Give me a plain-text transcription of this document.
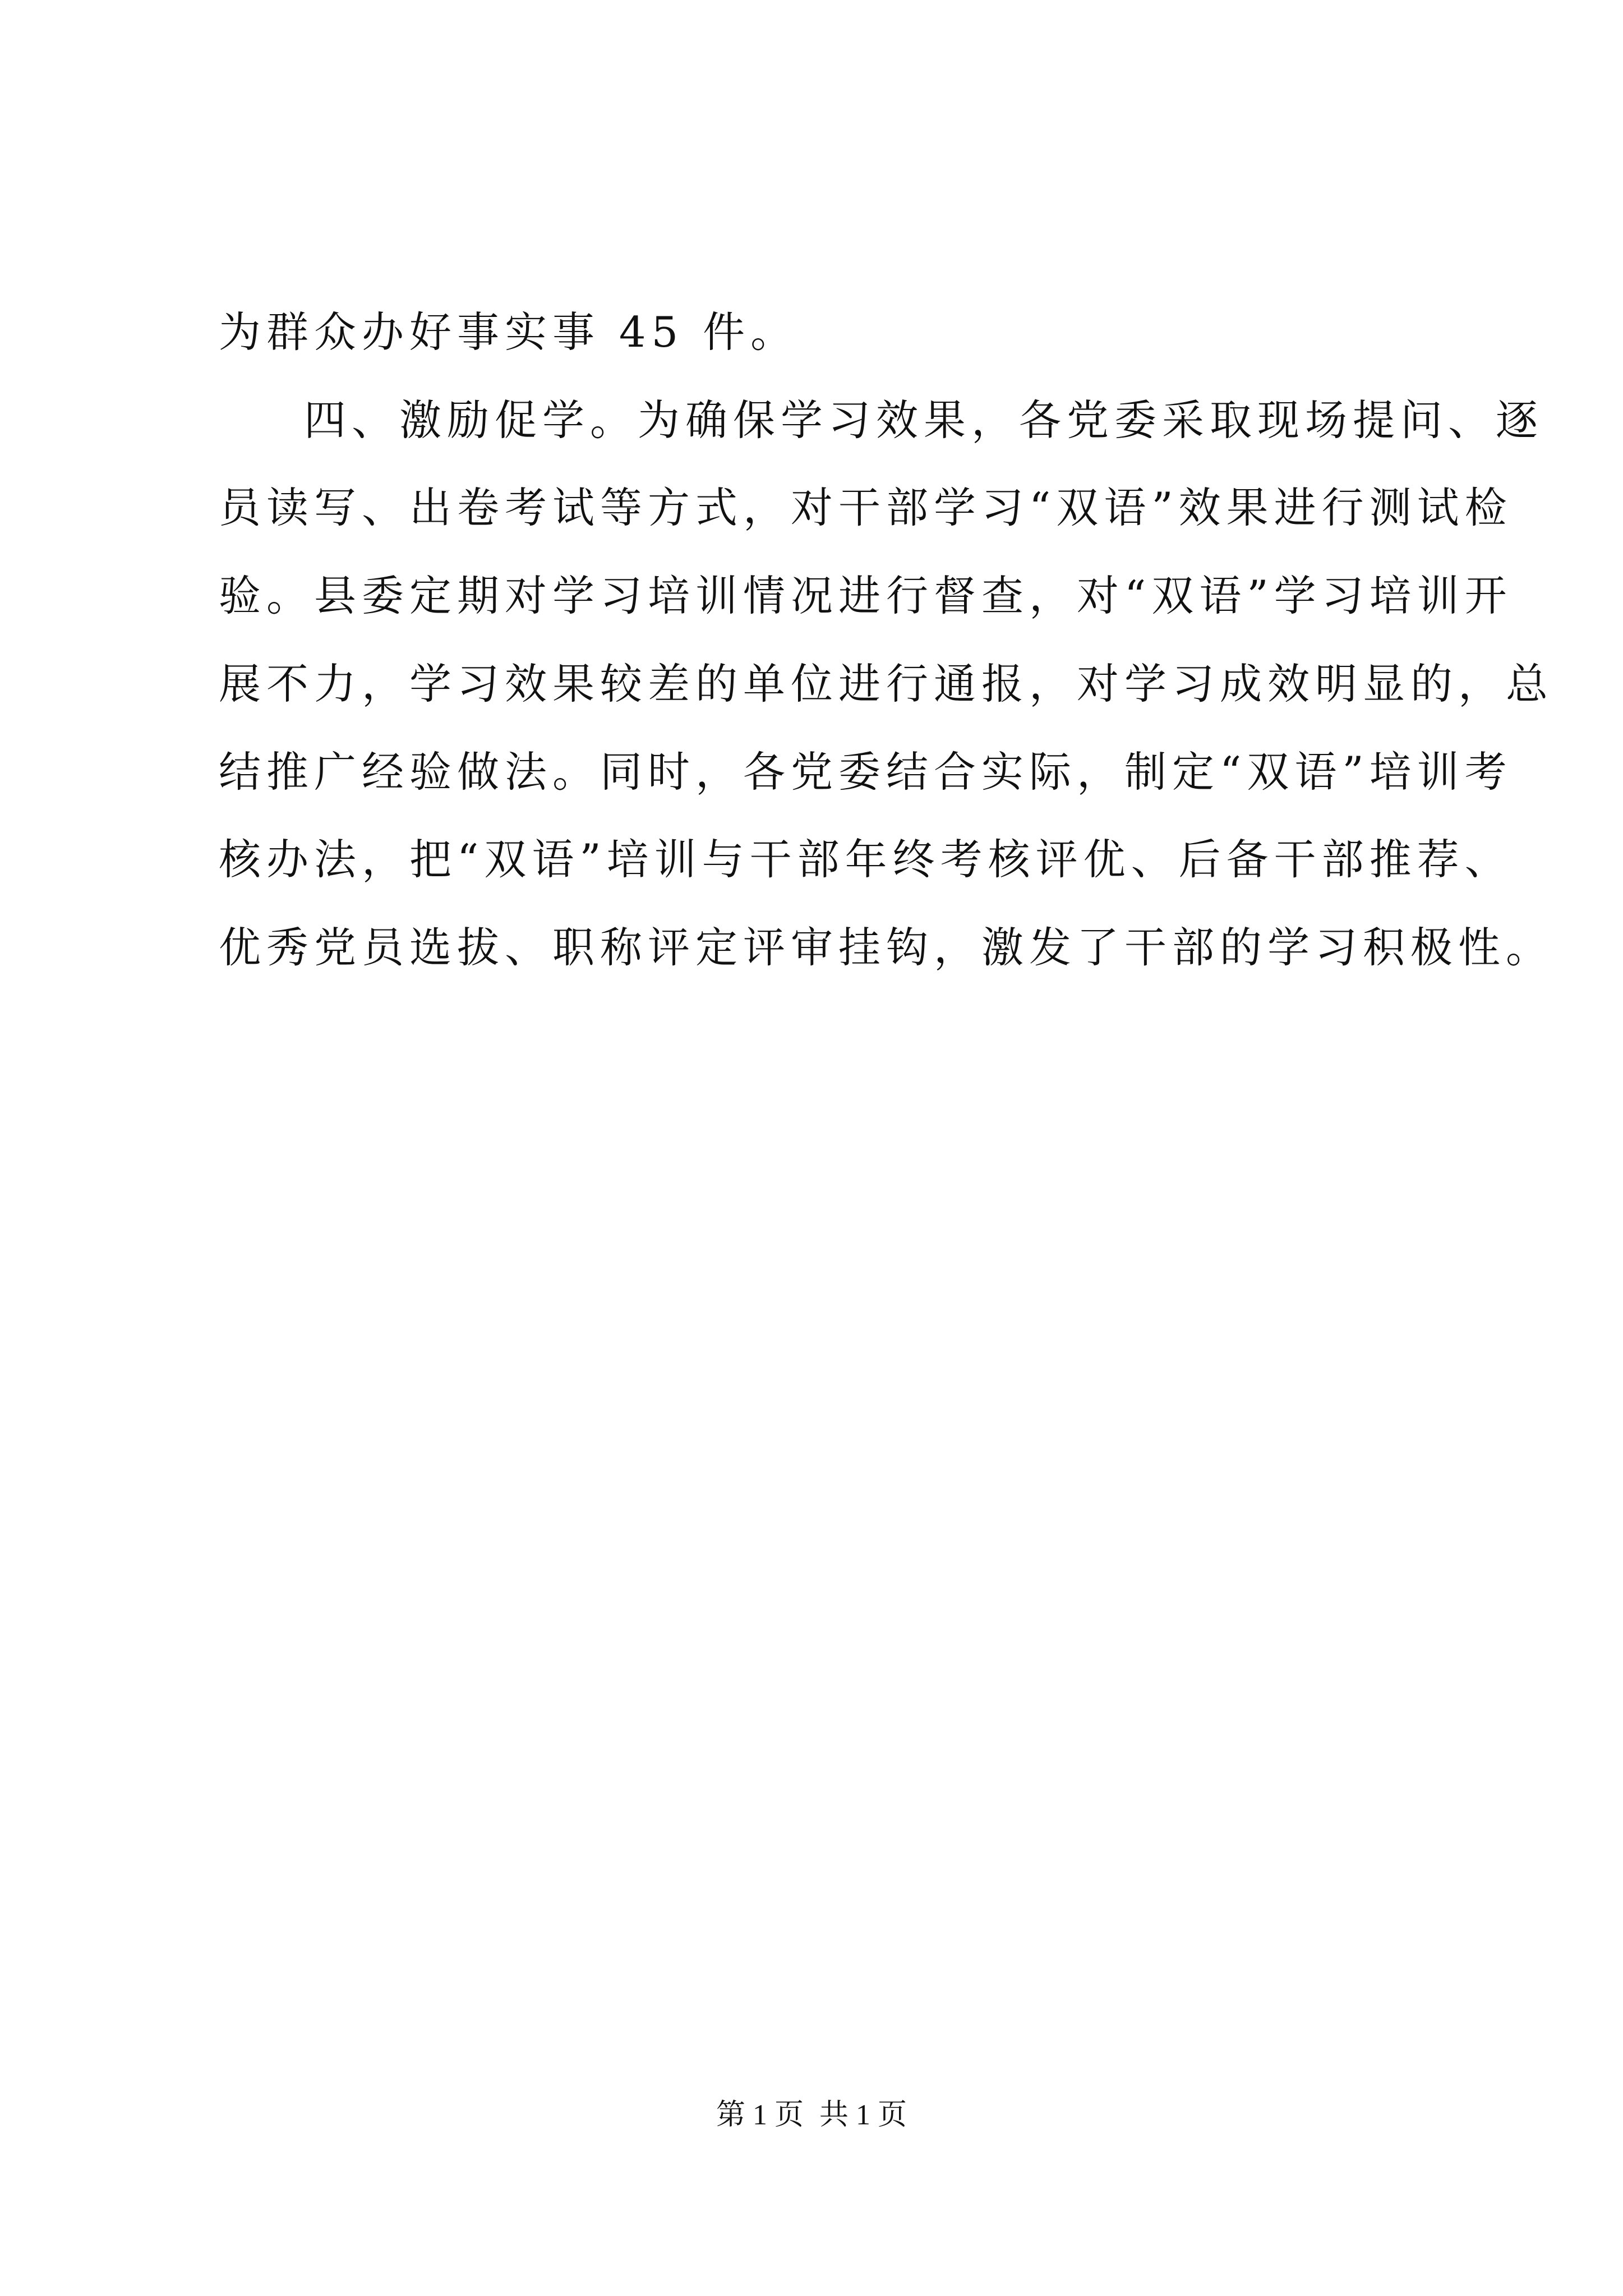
为群众办好事实事 45 件。
四、激励促学。为确保学习效果，各党委采取现场提问、逐
员读写、出卷考试等方式，对干部学习“双语”效果进行测试检
验。县委定期对学习培训情况进行督查，对“双语”学习培训开
展不力，学习效果较差的单位进行通报，对学习成效明显的，总
结推广经验做法。同时，各党委结合实际，制定“双语”培训考
核办法，把“双语”培训与干部年终考核评优、后备干部推荐、
优秀党员选拔、职称评定评审挂钩，激发了干部的学习积极性。
第 1 页 共 1 页
